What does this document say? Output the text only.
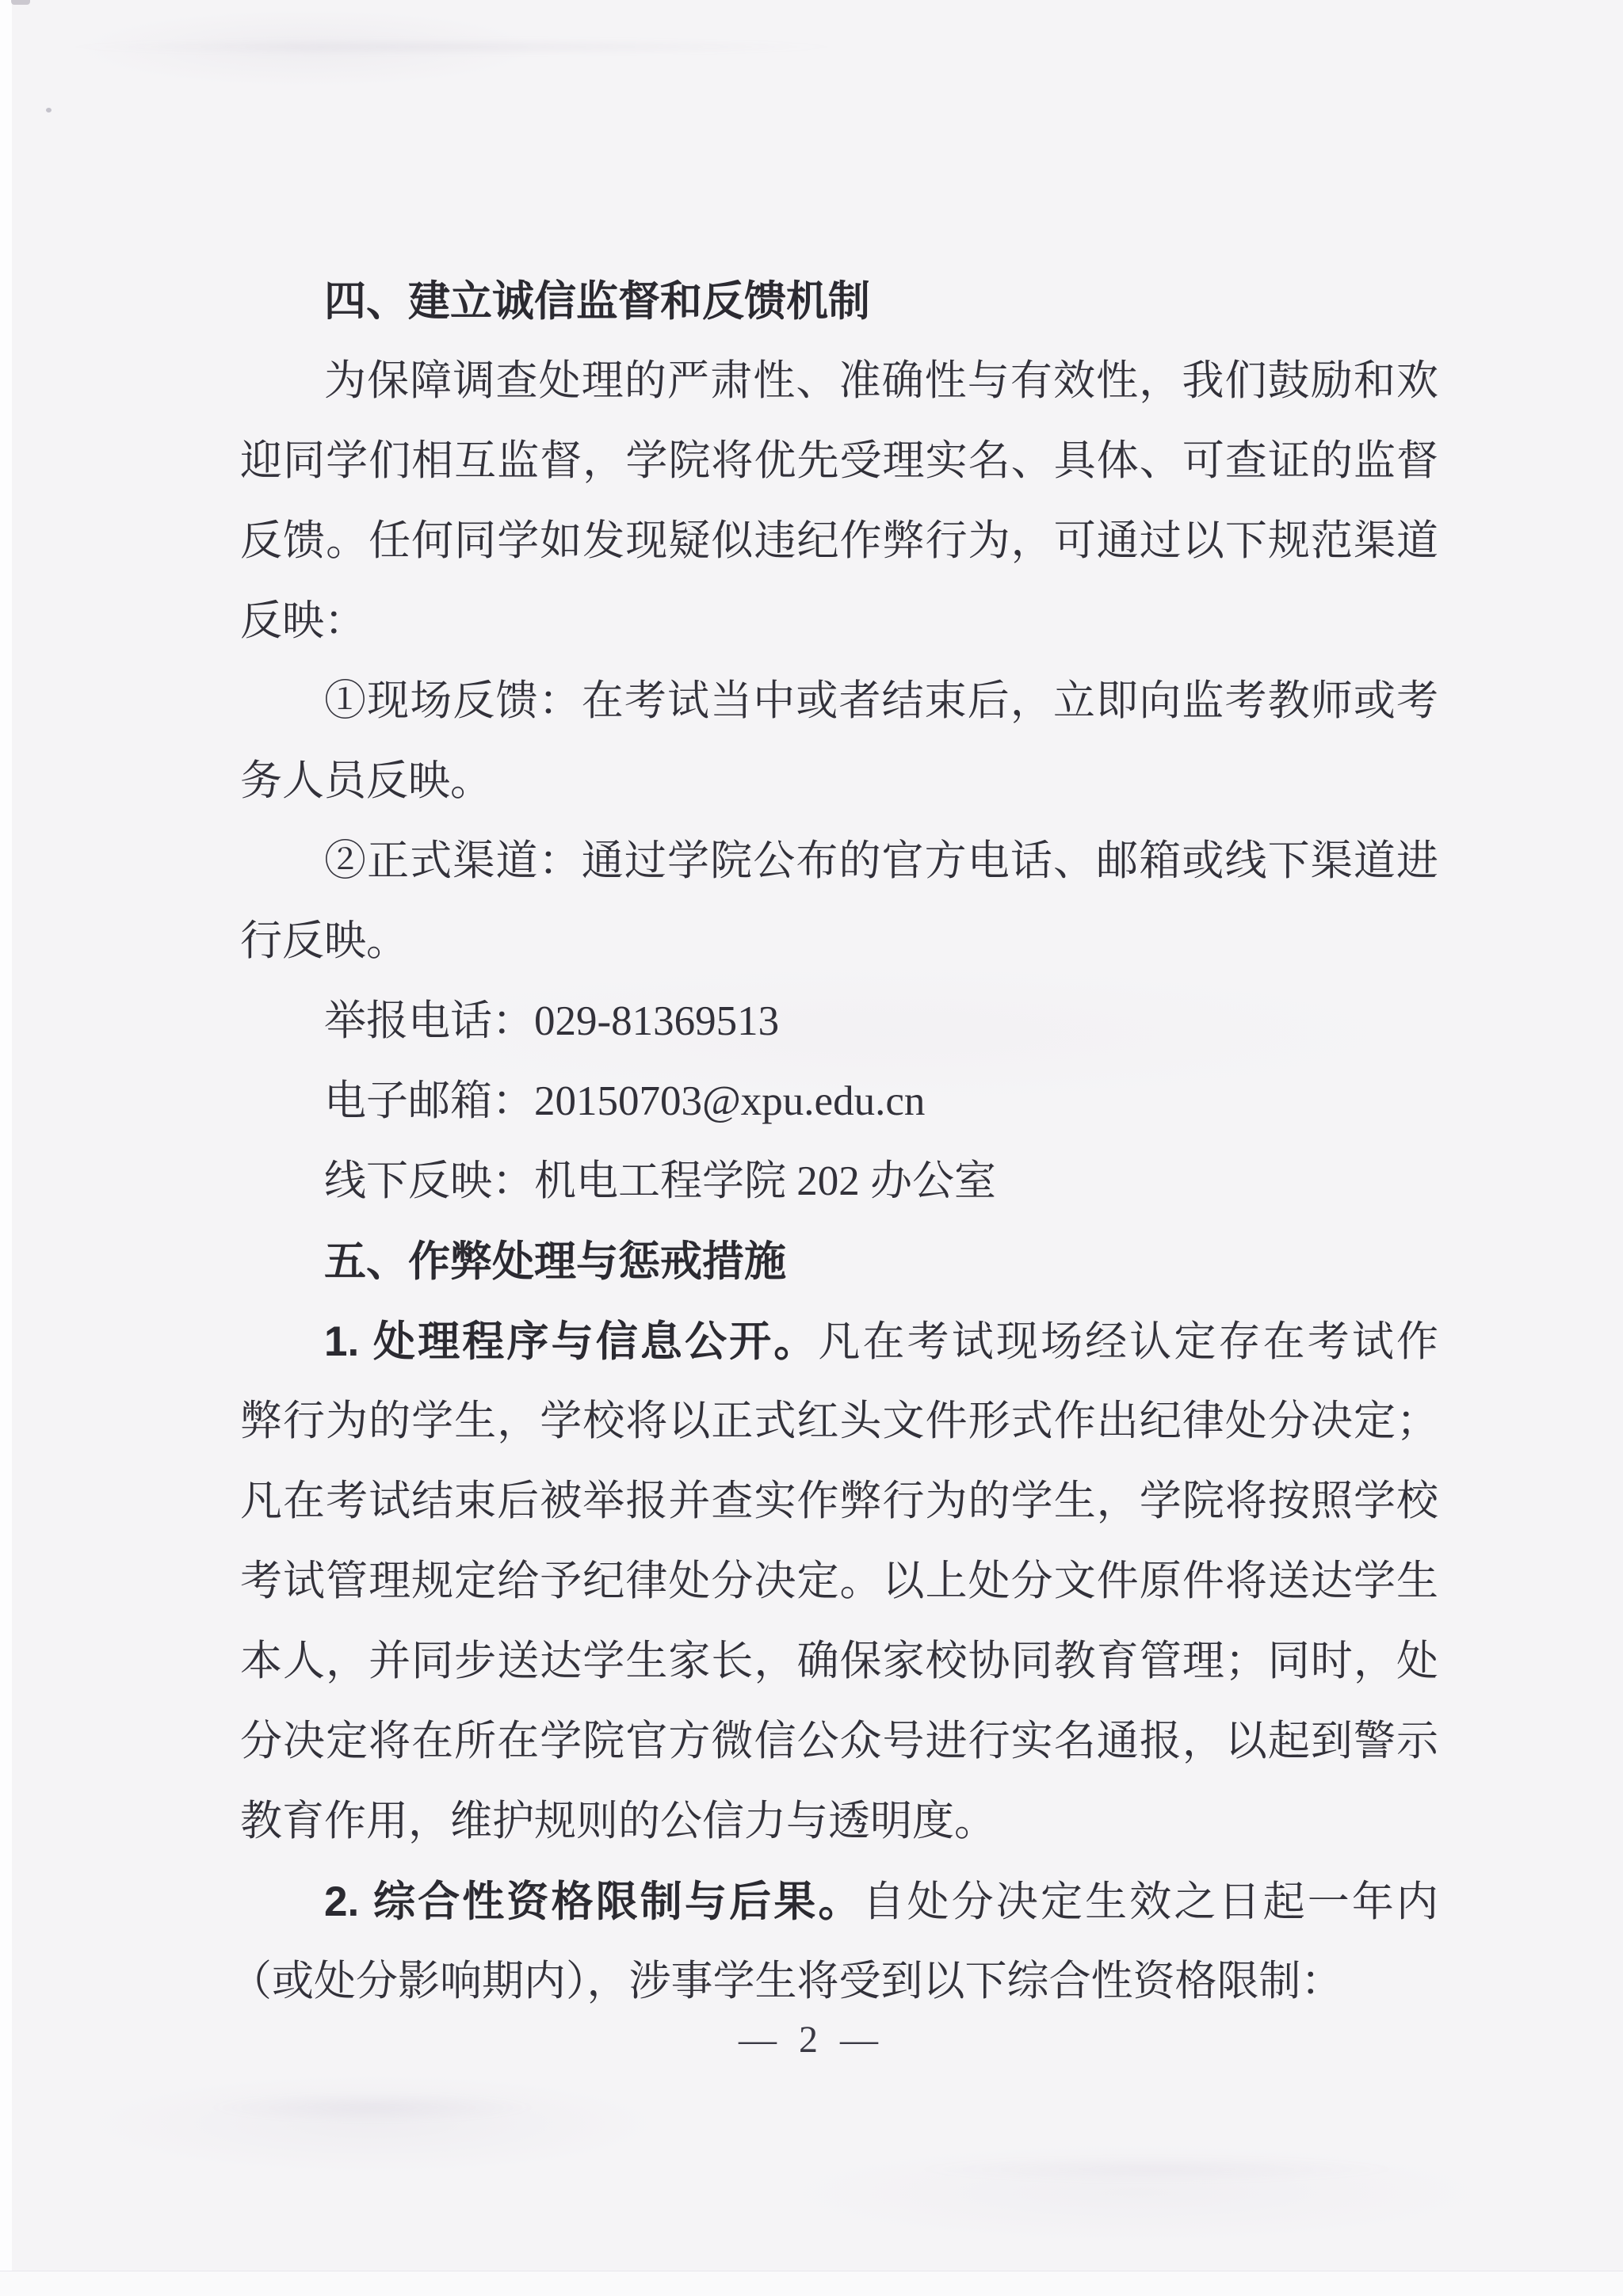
四、建立诚信监督和反馈机制
为保障调查处理的严肃性、准确性与有效性，我们鼓励和欢
迎同学们相互监督，学院将优先受理实名、具体、可查证的监督
反馈。任何同学如发现疑似违纪作弊行为，可通过以下规范渠道
反映：
①现场反馈：在考试当中或者结束后，立即向监考教师或考
务人员反映。
②正式渠道：通过学院公布的官方电话、邮箱或线下渠道进
行反映。
举报电话：029-81369513
电子邮箱：20150703@xpu.edu.cn
线下反映：机电工程学院 202 办公室
五、作弊处理与惩戒措施
1. 处理程序与信息公开。凡在考试现场经认定存在考试作
弊行为的学生，学校将以正式红头文件形式作出纪律处分决定；
凡在考试结束后被举报并查实作弊行为的学生，学院将按照学校
考试管理规定给予纪律处分决定。以上处分文件原件将送达学生
本人，并同步送达学生家长，确保家校协同教育管理；同时，处
分决定将在所在学院官方微信公众号进行实名通报，以起到警示
教育作用，维护规则的公信力与透明度。
2. 综合性资格限制与后果。自处分决定生效之日起一年内
（或处分影响期内），涉事学生将受到以下综合性资格限制：
— 2 —
